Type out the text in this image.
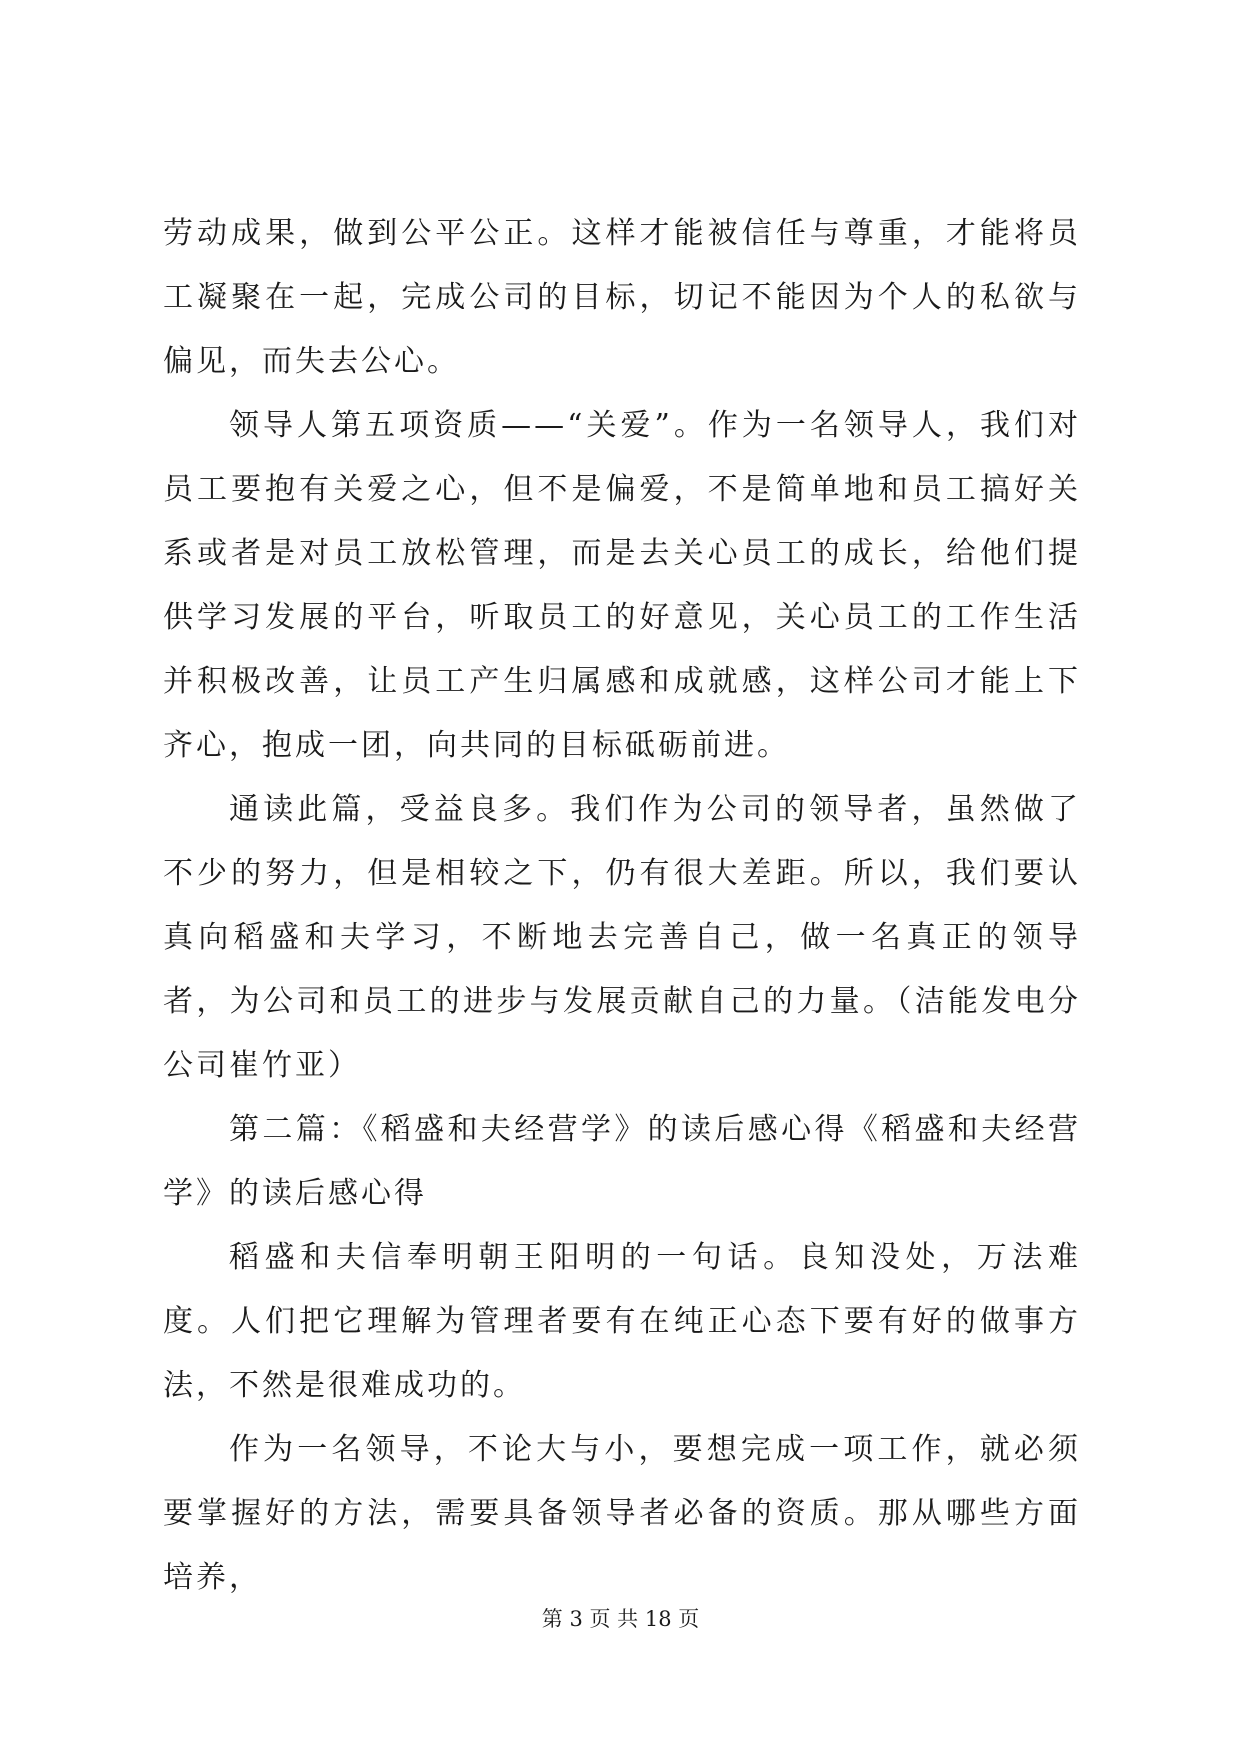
劳动成果，做到公平公正。这样才能被信任与尊重，才能将员工凝聚在一起，完成公司的目标，切记不能因为个人的私欲与偏见，而失去公心。

领导人第五项资质——“关爱”。作为一名领导人，我们对员工要抱有关爱之心，但不是偏爱，不是简单地和员工搞好关系或者是对员工放松管理，而是去关心员工的成长，给他们提供学习发展的平台，听取员工的好意见，关心员工的工作生活并积极改善，让员工产生归属感和成就感，这样公司才能上下齐心，抱成一团，向共同的目标砥砺前进。

通读此篇，受益良多。我们作为公司的领导者，虽然做了不少的努力，但是相较之下，仍有很大差距。所以，我们要认真向稻盛和夫学习，不断地去完善自己，做一名真正的领导者，为公司和员工的进步与发展贡献自己的力量。（洁能发电分公司崔竹亚）

第二篇：《稻盛和夫经营学》的读后感心得《稻盛和夫经营学》的读后感心得

稻盛和夫信奉明朝王阳明的一句话。良知没处，万法难度。人们把它理解为管理者要有在纯正心态下要有好的做事方法，不然是很难成功的。

作为一名领导，不论大与小，要想完成一项工作，就必须要掌握好的方法，需要具备领导者必备的资质。那从哪些方面培养，

第 3 页 共 18 页
